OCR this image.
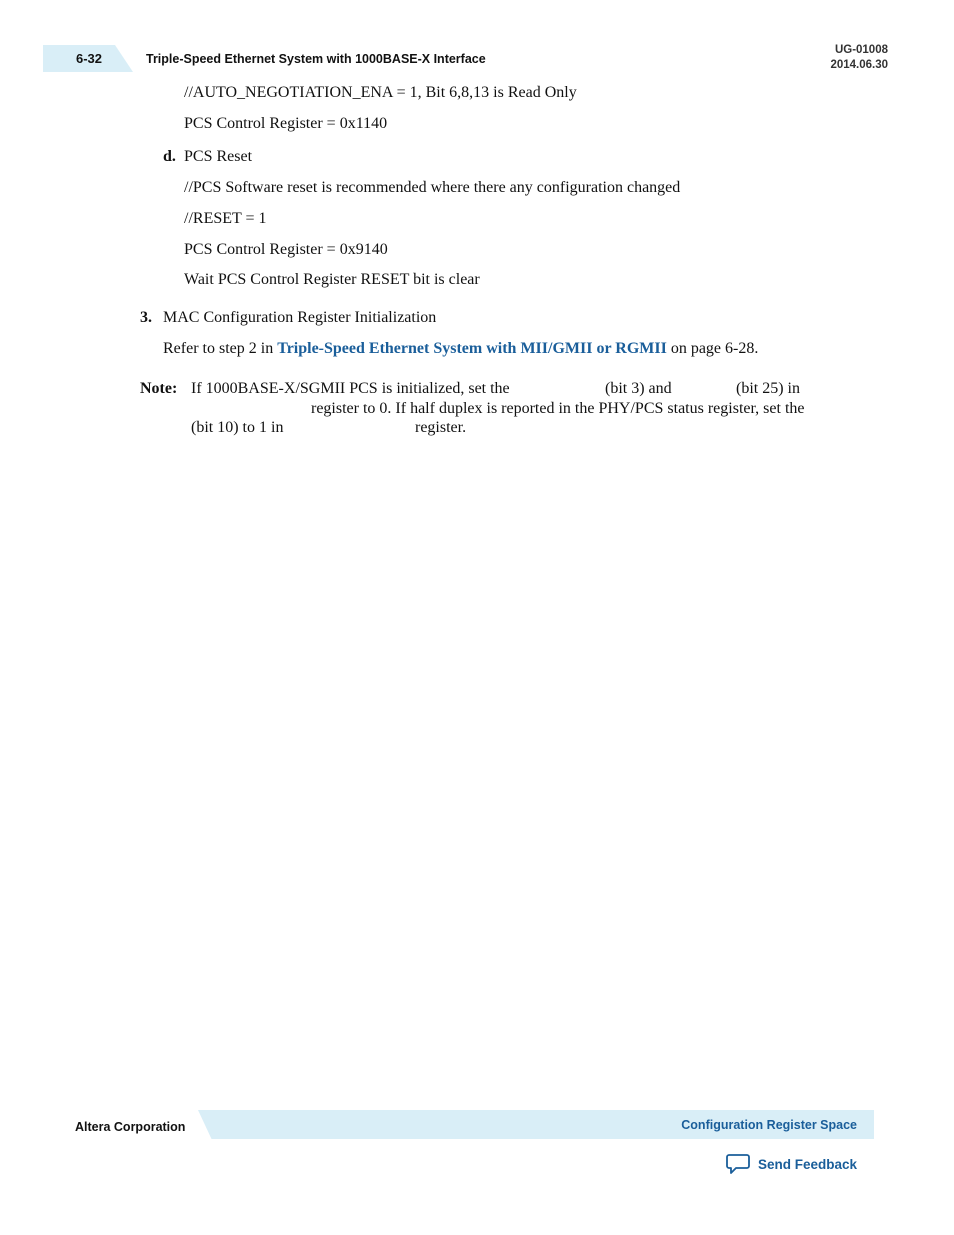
6-32	Triple-Speed Ethernet System with 1000BASE-X Interface
UG-01008
2014.06.30
//AUTO_NEGOTIATION_ENA = 1, Bit 6,8,13 is Read Only
PCS Control Register = 0x1140
d. PCS Reset
//PCS Software reset is recommended where there any configuration changed
//RESET = 1
PCS Control Register = 0x9140
Wait PCS Control Register RESET bit is clear
3. MAC Configuration Register Initialization
Refer to step 2 in Triple-Speed Ethernet System with MII/GMII or RGMII on page 6-28.
Note: If 1000BASE-X/SGMII PCS is initialized, set the	(bit 3) and	(bit 25) in
register to 0. If half duplex is reported in the PHY/PCS status register, set the
(bit 10) to 1 in	register.
Altera Corporation	Configuration Register Space
Send Feedback
